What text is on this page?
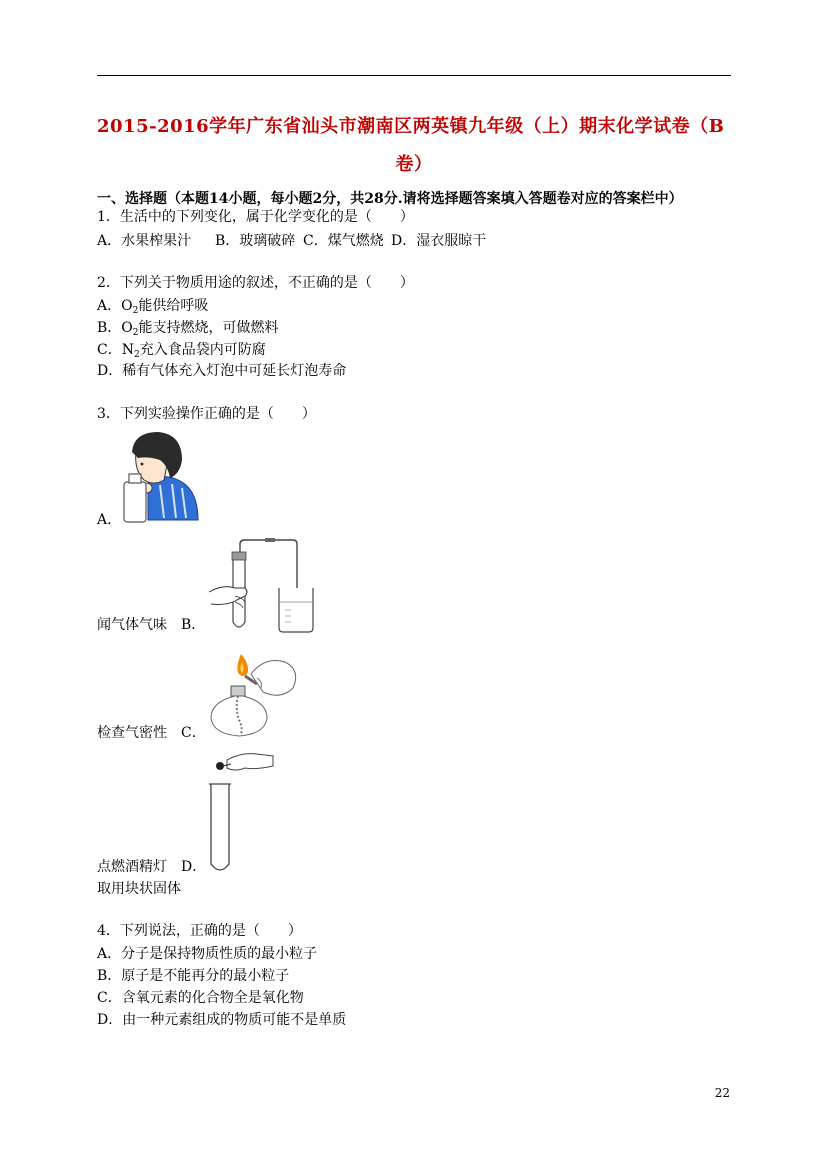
2015-2016学年广东省汕头市潮南区两英镇九年级（上）期末化学试卷（B
卷）
一、选择题（本题14小题，每小题2分，共28分.请将选择题答案填入答题卷对应的答案栏中）
1．生活中的下列变化，属于化学变化的是（　　）
A．水果榨果汁 B．玻璃破碎 C．煤气燃烧 D．湿衣服晾干
2．下列关于物质用途的叙述，不正确的是（　　）
A．$O_2$能供给呼吸
B．$O_2$能支持燃烧，可做燃料
C．$N_2$充入食品袋内可防腐
D．稀有气体充入灯泡中可延长灯泡寿命
3．下列实验操作正确的是（　　）
A．
闻气体气味　 B．
检查气密性　 C．
点燃酒精灯　 D．
取用块状固体
4．下列说法，正确的是（　　）
A．分子是保持物质性质的最小粒子
B．原子是不能再分的最小粒子
C．含氧元素的化合物全是氧化物
D．由一种元素组成的物质可能不是单质
22
